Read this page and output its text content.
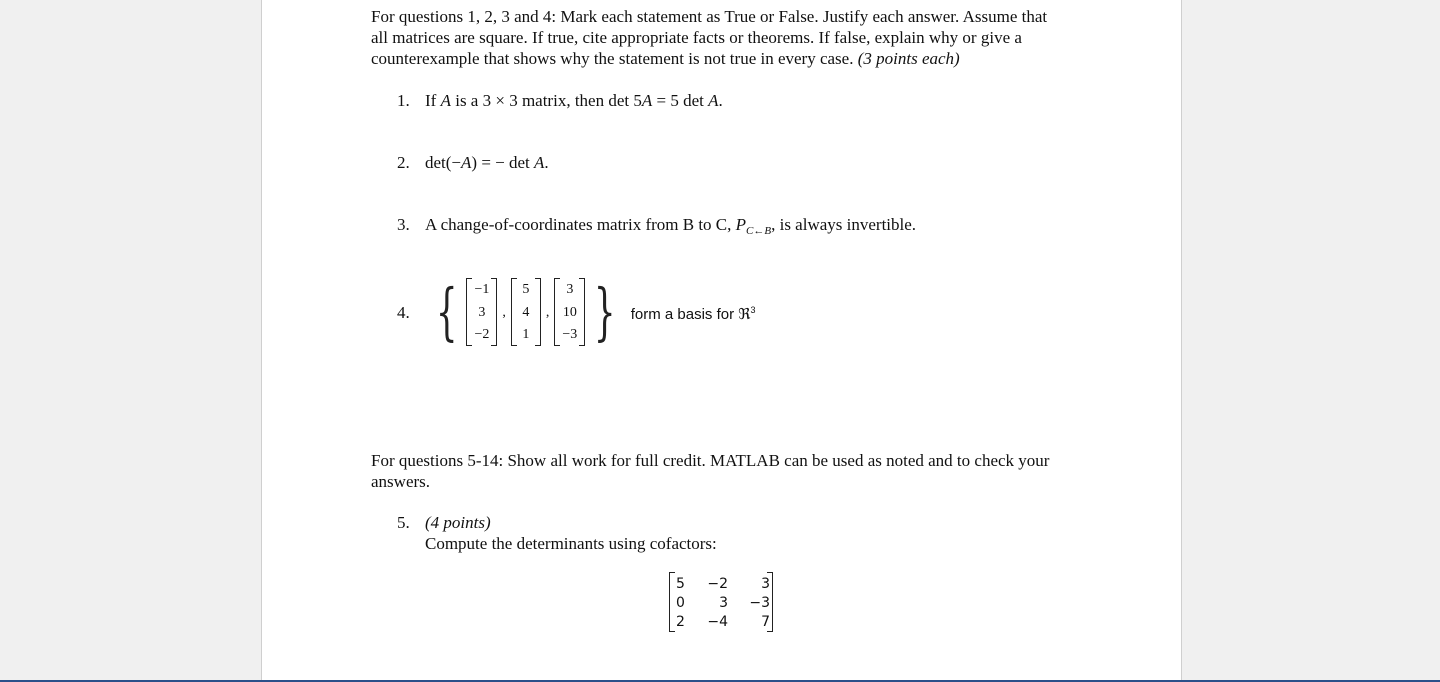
For questions 1, 2, 3 and 4: Mark each statement as True or False. Justify each answer. Assume that all matrices are square. If true, cite appropriate facts or theorems. If false, explain why or give a counterexample that shows why the statement is not true in every case. (3 points each)

1. If A is a 3 × 3 matrix, then det 5A = 5 det A.
2. det(−A) = − det A.
3. A change-of-coordinates matrix from B to C, $P_{C\leftarrow B}$, is always invertible.
4. { −1
3
−2
,
5
4
1
,
3
10
−3 } form a basis for ℜ$^3$

For questions 5-14: Show all work for full credit. MATLAB can be used as noted and to check your answers.

5. (4 points)
Compute the determinants using cofactors:
5	−2	3
0	3	−3
2	−4	7
